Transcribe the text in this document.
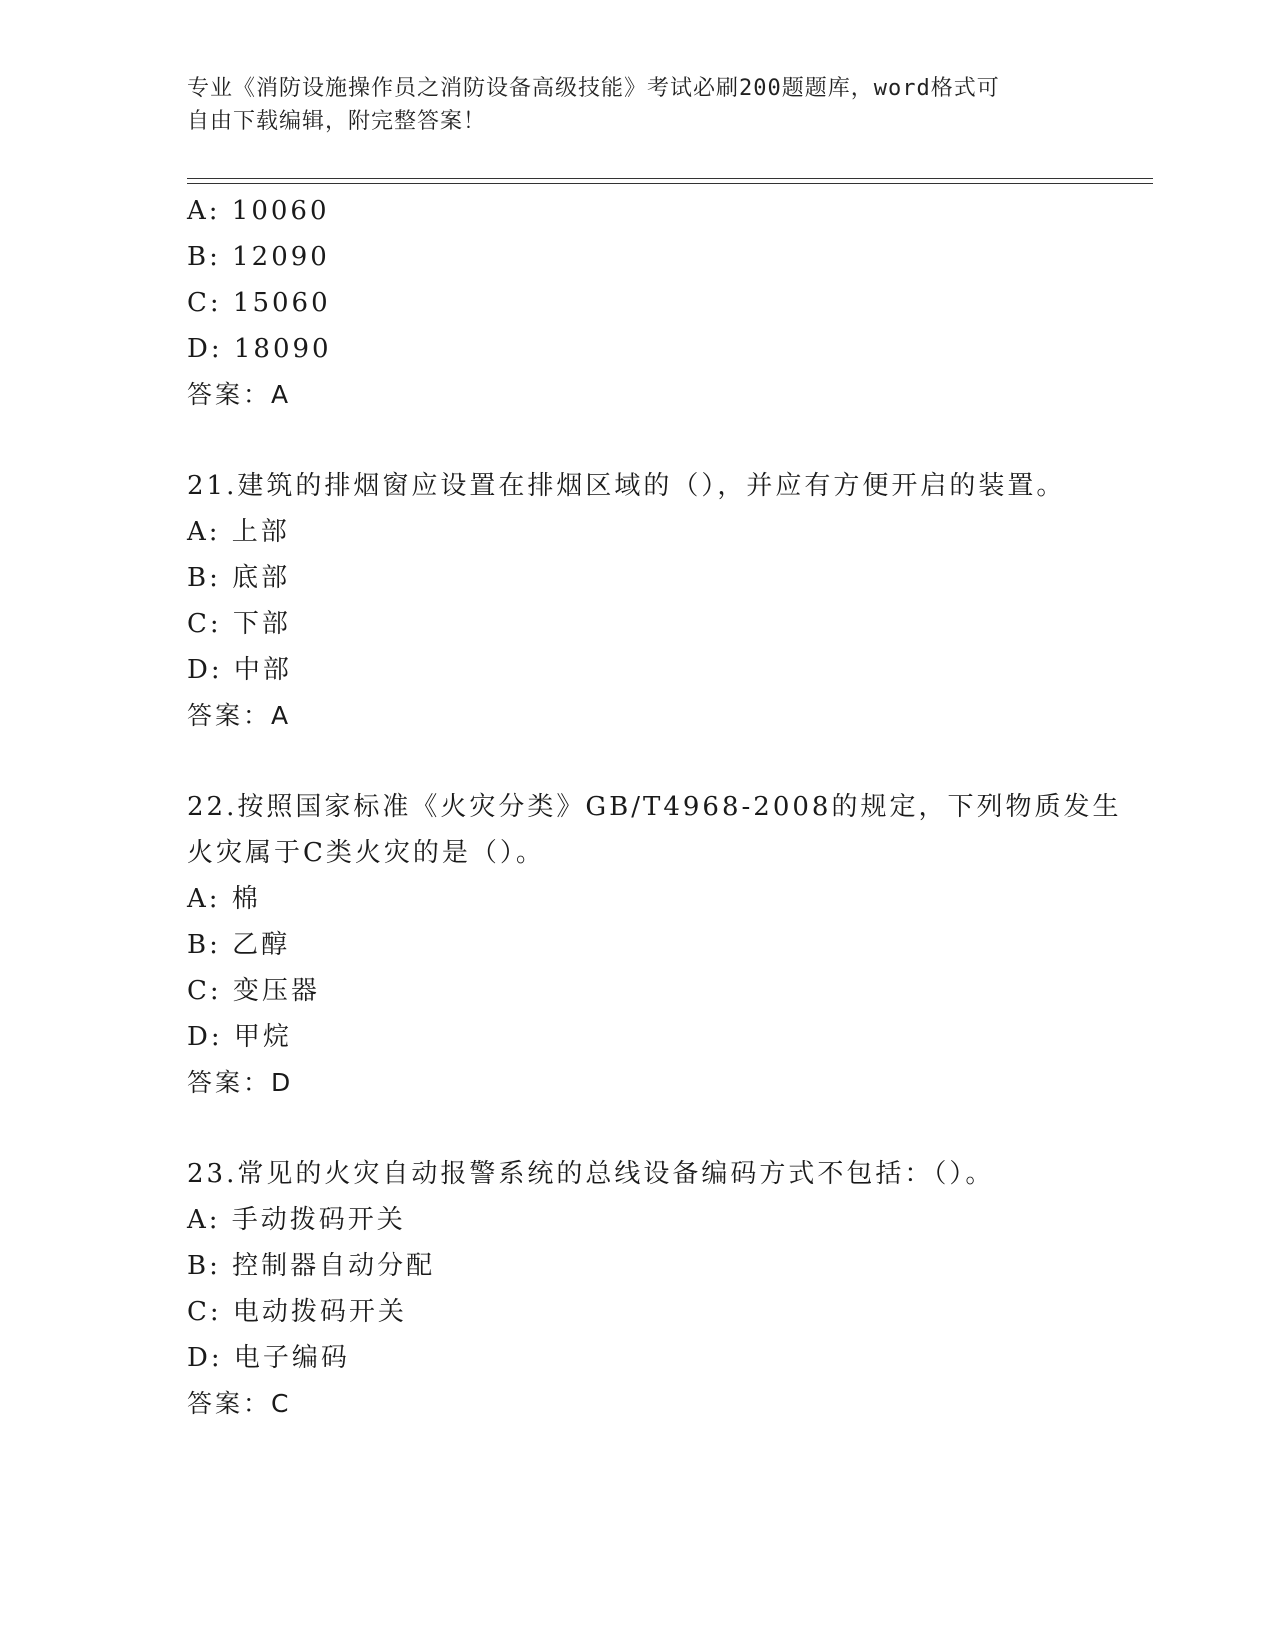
专业《消防设施操作员之消防设备高级技能》考试必刷200题题库，word格式可
自由下载编辑，附完整答案！
A: 10060
B: 12090
C: 15060
D: 18090
答案：A
21.建筑的排烟窗应设置在排烟区域的（），并应有方便开启的装置。
A: 上部
B: 底部
C: 下部
D: 中部
答案：A
22.按照国家标准《火灾分类》GB/T4968-2008的规定，下列物质发生
火灾属于C类火灾的是（）。
A: 棉
B: 乙醇
C: 变压器
D: 甲烷
答案：D
23.常见的火灾自动报警系统的总线设备编码方式不包括：（）。
A: 手动拨码开关
B: 控制器自动分配
C: 电动拨码开关
D: 电子编码
答案：C
